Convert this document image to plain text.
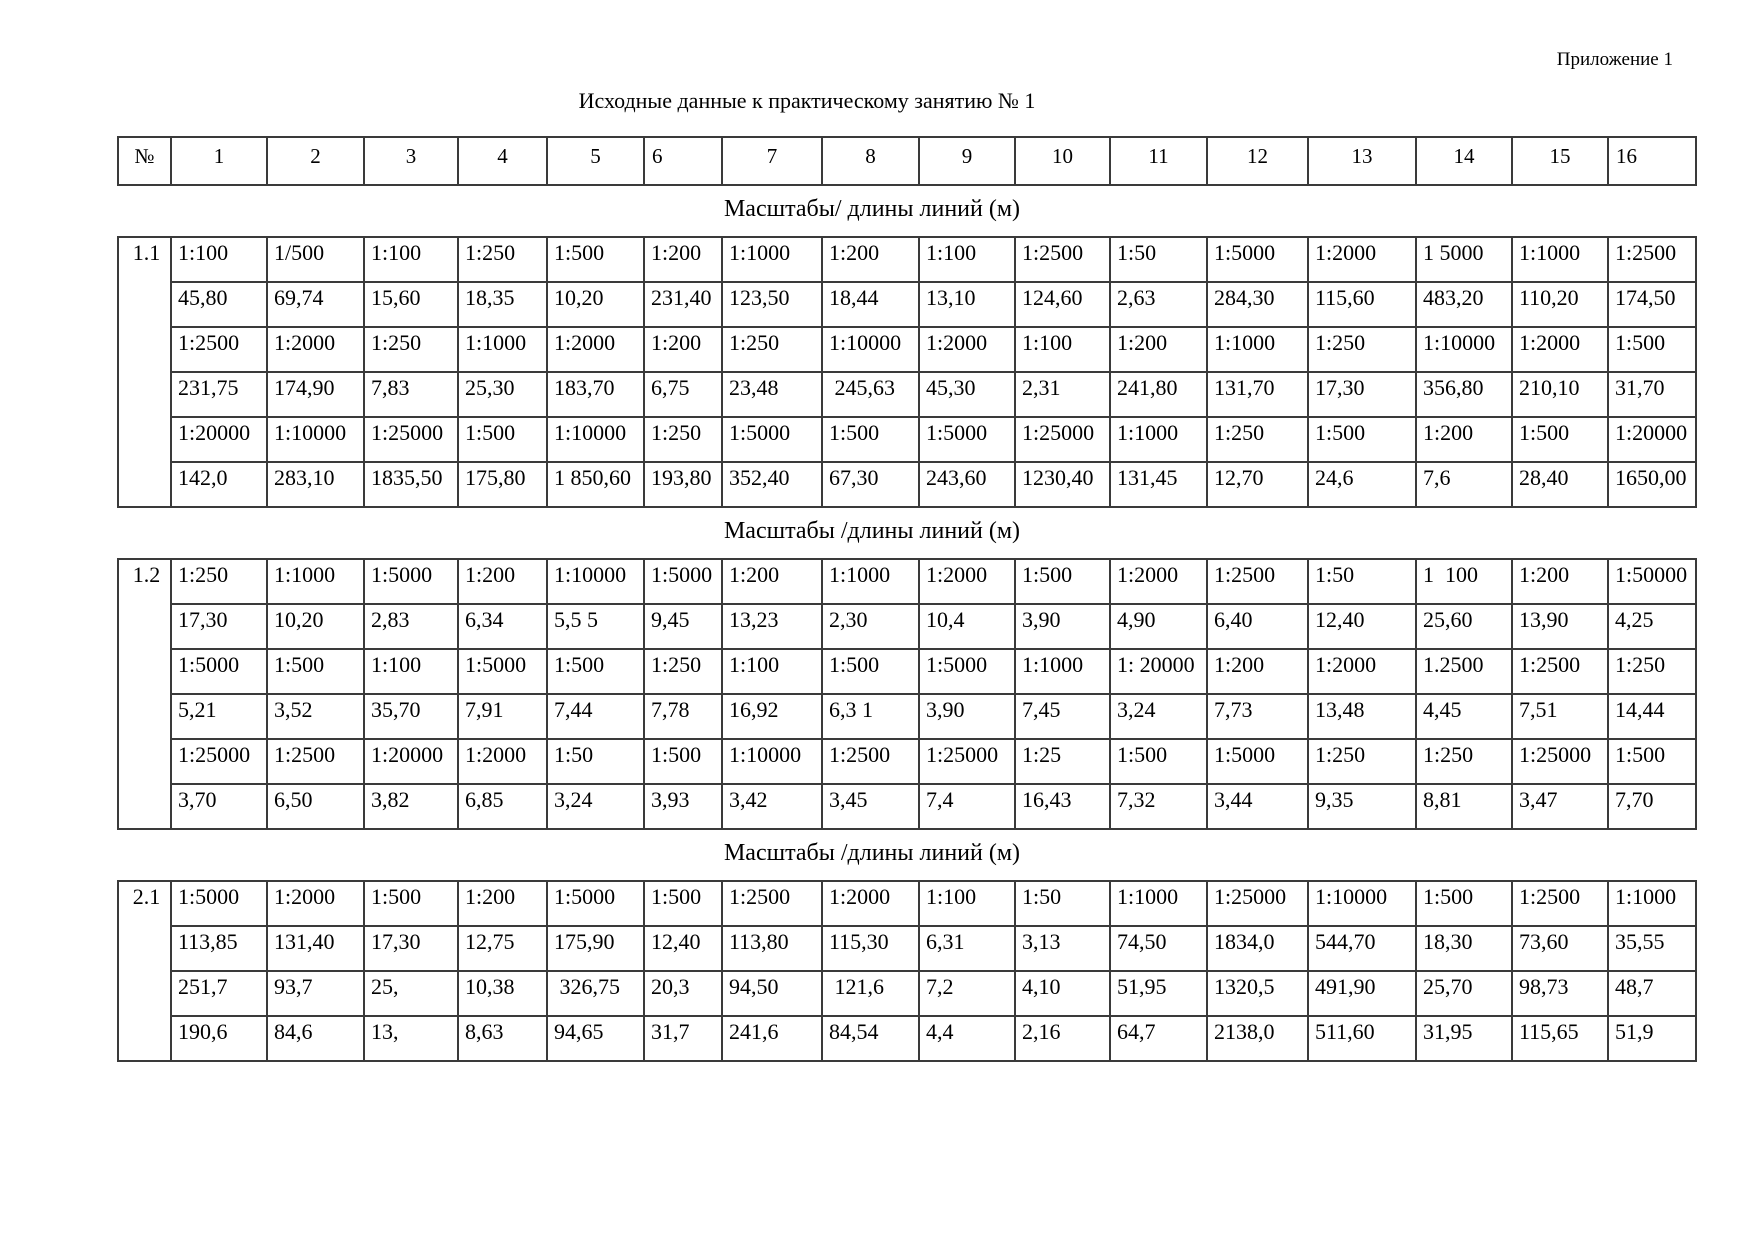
Приложение 1
Исходные данные к практическому занятию № 1
№	1	2	3	4	5	6	7	8	9	10	11	12	13	14	15	16
Масштабы/ длины линий (м)
1.1	1:100	1/500	1:100	1:250	1:500	1:200	1:1000	1:200	1:100	1:2500	1:50	1:5000	1:2000	1 5000	1:1000	1:2500
	45,80	69,74	15,60	18,35	10,20	231,40	123,50	18,44	13,10	124,60	2,63	284,30	115,60	483,20	110,20	174,50
	1:2500	1:2000	1:250	1:1000	1:2000	1:200	1:250	1:10000	1:2000	1:100	1:200	1:1000	1:250	1:10000	1:2000	1:500
	231,75	174,90	7,83	25,30	183,70	6,75	23,48	245,63	45,30	2,31	241,80	131,70	17,30	356,80	210,10	31,70
	1:20000	1:10000	1:25000	1:500	1:10000	1:250	1:5000	1:500	1:5000	1:25000	1:1000	1:250	1:500	1:200	1:500	1:20000
	142,0	283,10	1835,50	175,80	1 850,60	193,80	352,40	67,30	243,60	1230,40	131,45	12,70	24,6	7,6	28,40	1650,00
Масштабы /длины линий (м)
1.2	1:250	1:1000	1:5000	1:200	1:10000	1:5000	1:200	1:1000	1:2000	1:500	1:2000	1:2500	1:50	1  100	1:200	1:50000
	17,30	10,20	2,83	6,34	5,5 5	9,45	13,23	2,30	10,4	3,90	4,90	6,40	12,40	25,60	13,90	4,25
	1:5000	1:500	1:100	1:5000	1:500	1:250	1:100	1:500	1:5000	1:1000	1: 20000	1:200	1:2000	1.2500	1:2500	1:250
	5,21	3,52	35,70	7,91	7,44	7,78	16,92	6,3 1	3,90	7,45	3,24	7,73	13,48	4,45	7,51	14,44
	1:25000	1:2500	1:20000	1:2000	1:50	1:500	1:10000	1:2500	1:25000	1:25	1:500	1:5000	1:250	1:250	1:25000	1:500
	3,70	6,50	3,82	6,85	3,24	3,93	3,42	3,45	7,4	16,43	7,32	3,44	9,35	8,81	3,47	7,70
Масштабы /длины линий (м)
2.1	1:5000	1:2000	1:500	1:200	1:5000	1:500	1:2500	1:2000	1:100	1:50	1:1000	1:25000	1:10000	1:500	1:2500	1:1000
	113,85	131,40	17,30	12,75	175,90	12,40	113,80	115,30	6,31	3,13	74,50	1834,0	544,70	18,30	73,60	35,55
	251,7	93,7	25,	10,38	326,75	20,3	94,50	121,6	7,2	4,10	51,95	1320,5	491,90	25,70	98,73	48,7
	190,6	84,6	13,	8,63	94,65	31,7	241,6	84,54	4,4	2,16	64,7	2138,0	511,60	31,95	115,65	51,9
